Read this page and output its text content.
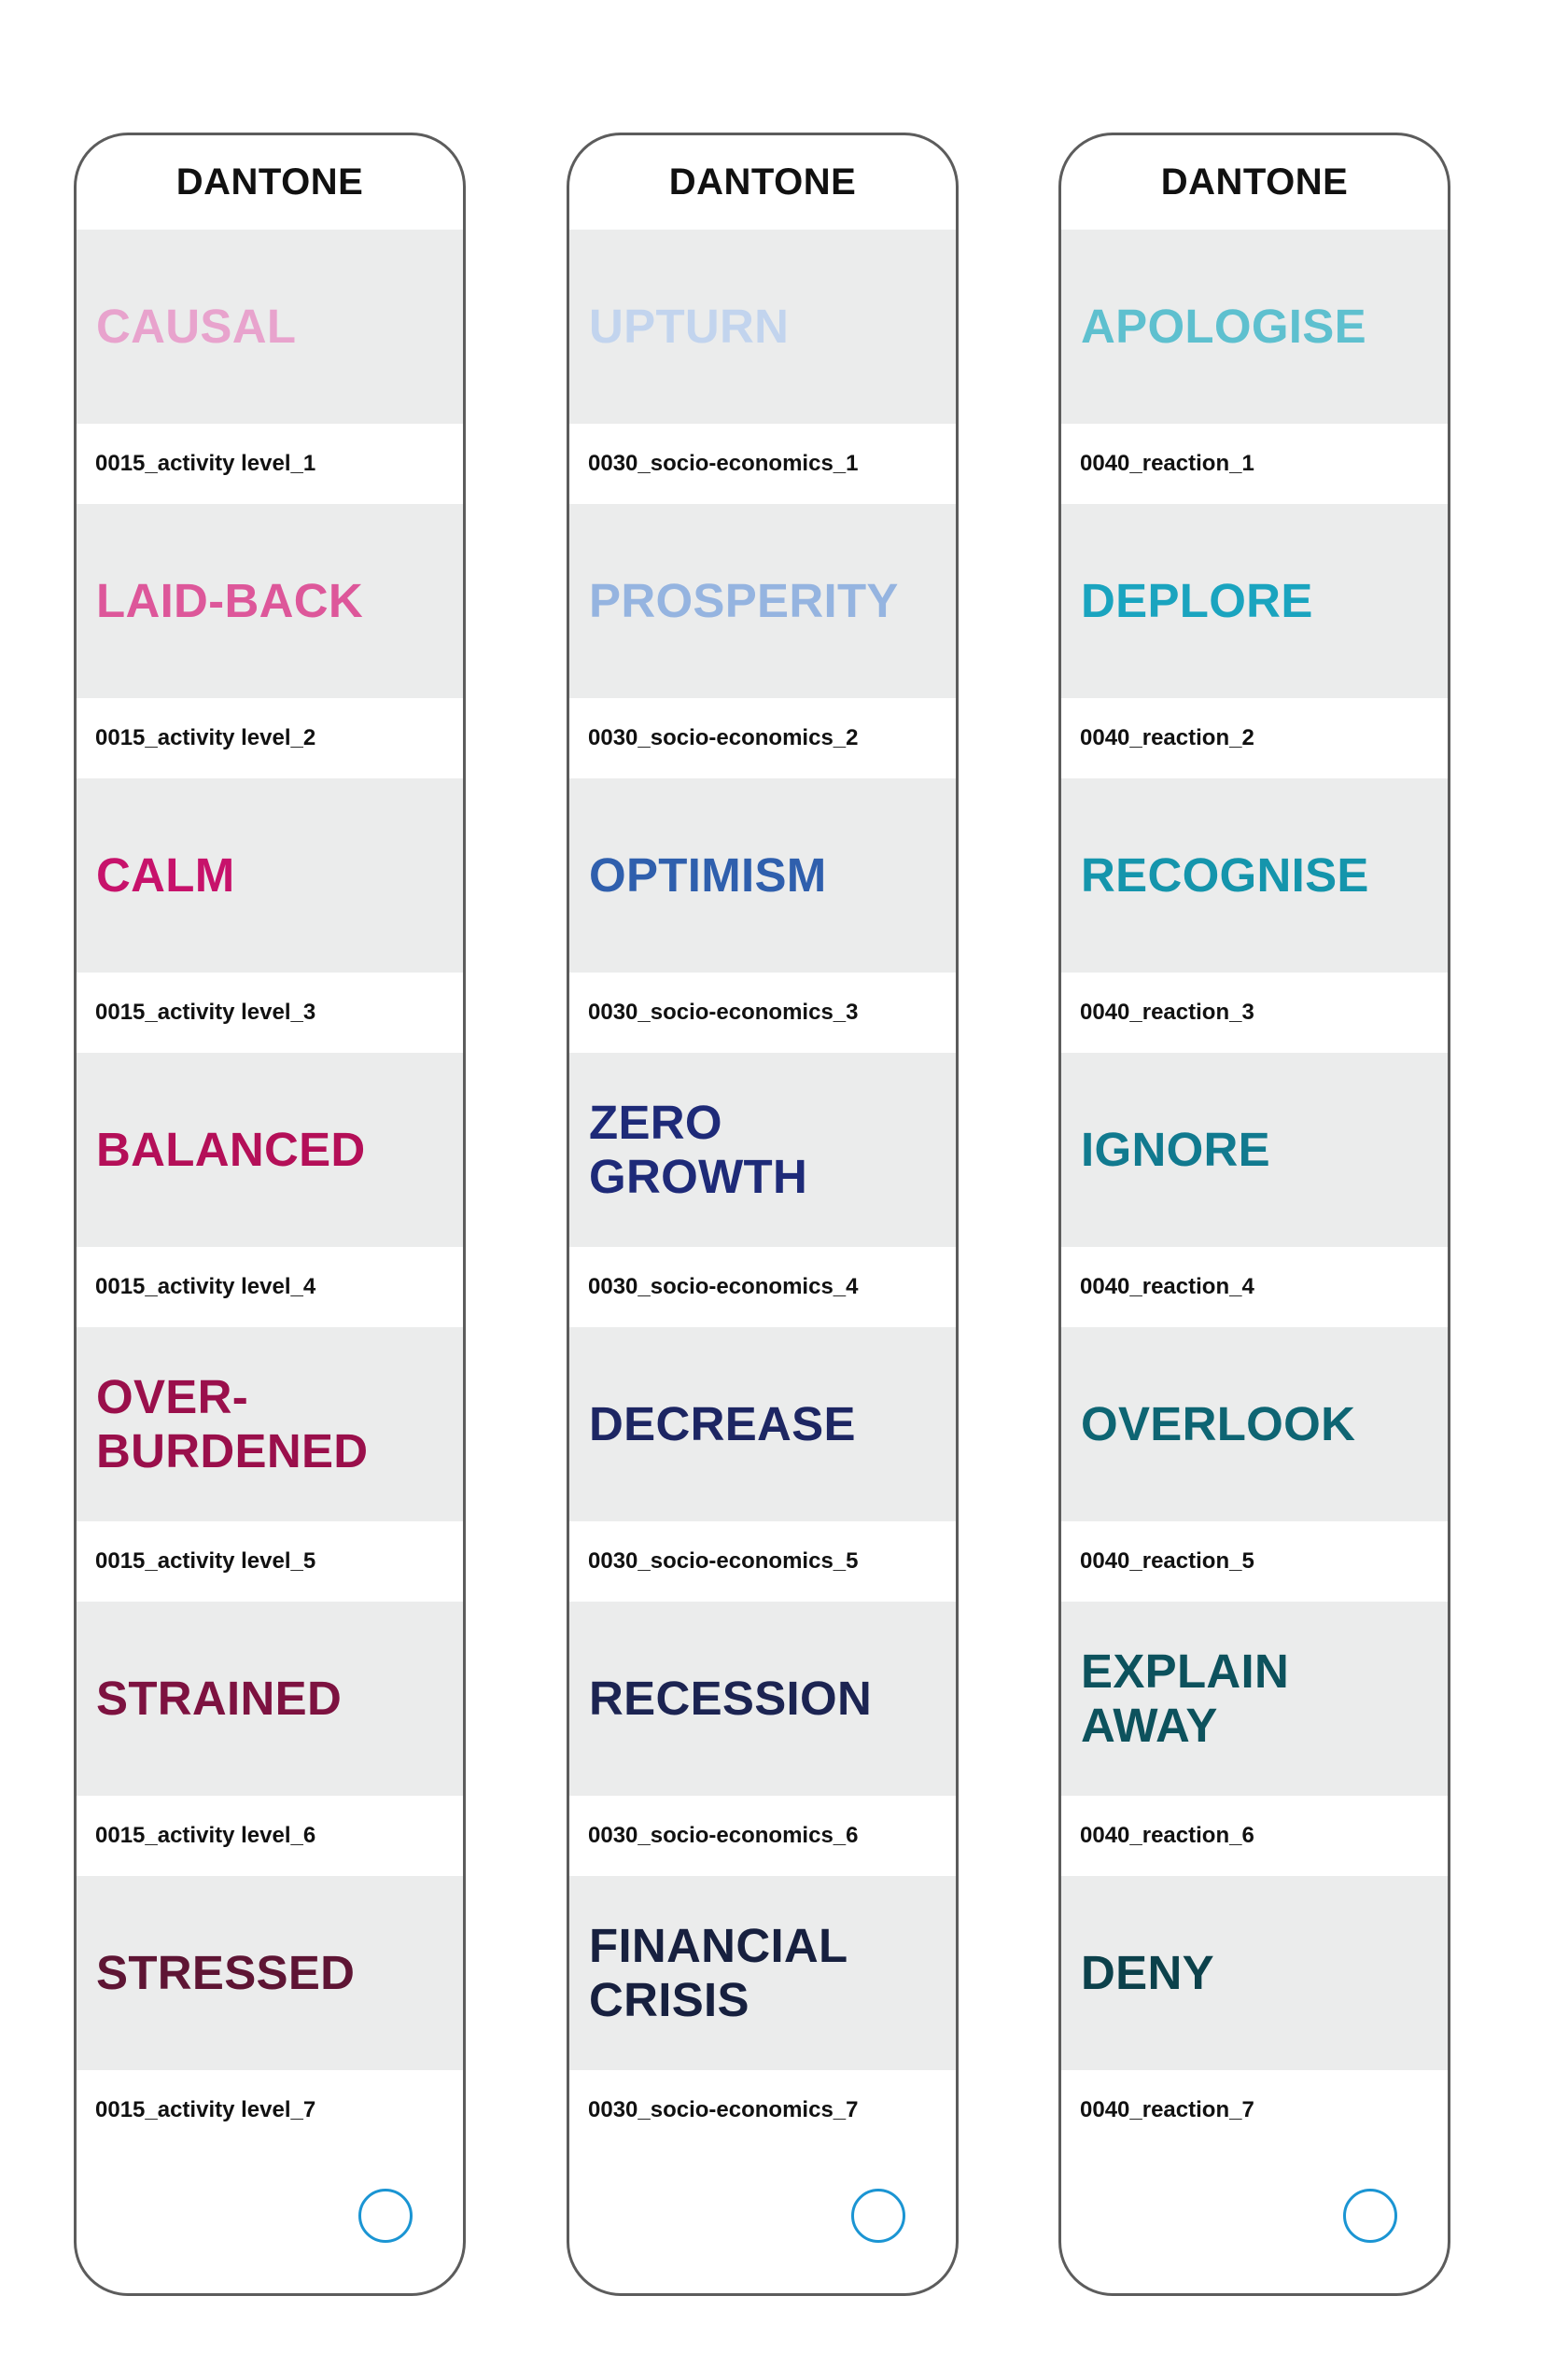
DANTONE
CAUSAL
0015_activity level_1
LAID-BACK
0015_activity level_2
CALM
0015_activity level_3
BALANCED
0015_activity level_4
OVER-
BURDENED
0015_activity level_5
STRAINED
0015_activity level_6
STRESSED
0015_activity level_7
DANTONE
UPTURN
0030_socio-economics_1
PROSPERITY
0030_socio-economics_2
OPTIMISM
0030_socio-economics_3
ZERO
GROWTH
0030_socio-economics_4
DECREASE
0030_socio-economics_5
RECESSION
0030_socio-economics_6
FINANCIAL
CRISIS
0030_socio-economics_7
DANTONE
APOLOGISE
0040_reaction_1
DEPLORE
0040_reaction_2
RECOGNISE
0040_reaction_3
IGNORE
0040_reaction_4
OVERLOOK
0040_reaction_5
EXPLAIN
AWAY
0040_reaction_6
DENY
0040_reaction_7
